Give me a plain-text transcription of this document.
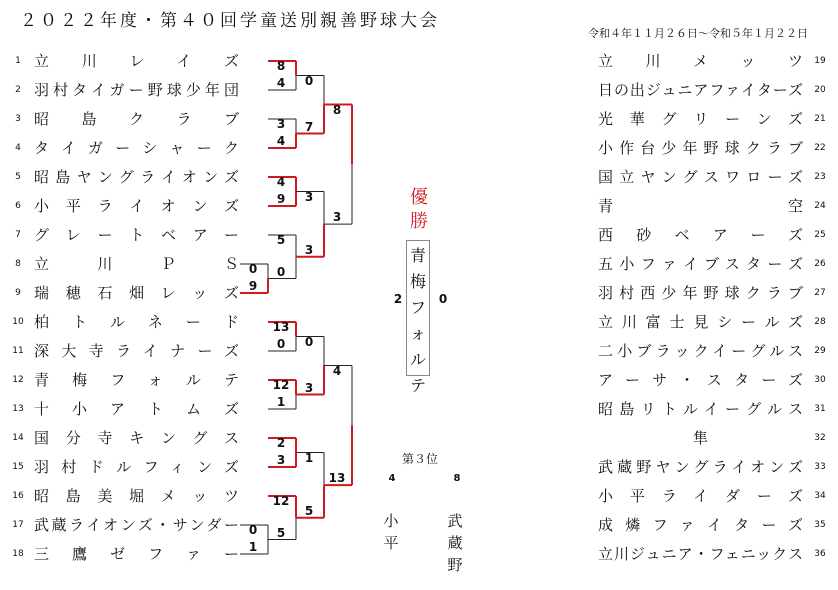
２０２２年度・第４０回学童送別親善野球大会
令和４年１１月２６日～令和５年１月２２日
1 立川レイズ
2 羽村タイガー野球少年団
3 昭島クラブ
4 タイガーシャーク
5 昭島ヤングライオンズ
6 小平ライオンズ
7 グレートベアー
8 立川ＰＳ
9 瑞穂石畑レッズ
10 柏トルネード
11 深大寺ライナーズ
12 青梅フォルテ
13 十小アトムズ
14 国分寺キングス
15 羽村ドルフィンズ
16 昭島美堀メッツ
17 武蔵ライオンズ・サンダー
18 三鷹ゼファー
19
立川メッツ
20
日の出ジュニアファイターズ
21
光華グリーンズ
22
小作台少年野球クラブ
23
国立ヤングスワローズ
24
青空
25
西砂ベアーズ
26
五小ファイブスターズ
27
羽村西少年野球クラブ
28
立川富士見シールズ
29
二小ブラックイーグルス
30
アーサ・スターズ
31
昭島リトルイーグルス
32
隼
33
武蔵野ヤングライオンズ
34
小平ライダーズ
35
成燐ファイターズ
36
立川ジュニア・フェニックス
0
9
8
4
3
4
4
9
5
0
13
0
12
1
2
3
0
1
12
5
0
7
3
3
0
3
1
5
8
3
4
13
優
勝
青
梅
フ
ォ
ル
テ
第３位
小
平
武
蔵
野
4	8
2	0
